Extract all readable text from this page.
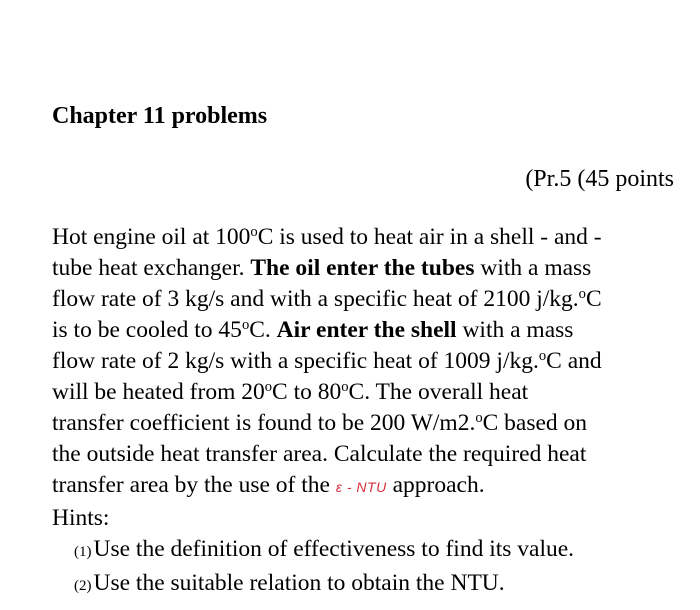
Chapter 11 problems
(Pr.5 (45 points
Hot engine oil at 100$^o$C is used to heat air in a shell - and -
tube heat exchanger. The oil enter the tubes with a mass
flow rate of 3 kg/s and with a specific heat of 2100 j/kg.$^o$C
is to be cooled to 45$^o$C. Air enter the shell with a mass
flow rate of 2 kg/s with a specific heat of 1009 j/kg.$^o$C and
will be heated from 20$^o$C to 80$^o$C. The overall heat
transfer coefficient is found to be 200 W/m2.$^o$C based on
the outside heat transfer area. Calculate the required heat
transfer area by the use of the ε - NTU approach.
Hints:
(1)Use the definition of effectiveness to find its value.
(2)Use the suitable relation to obtain the NTU.
